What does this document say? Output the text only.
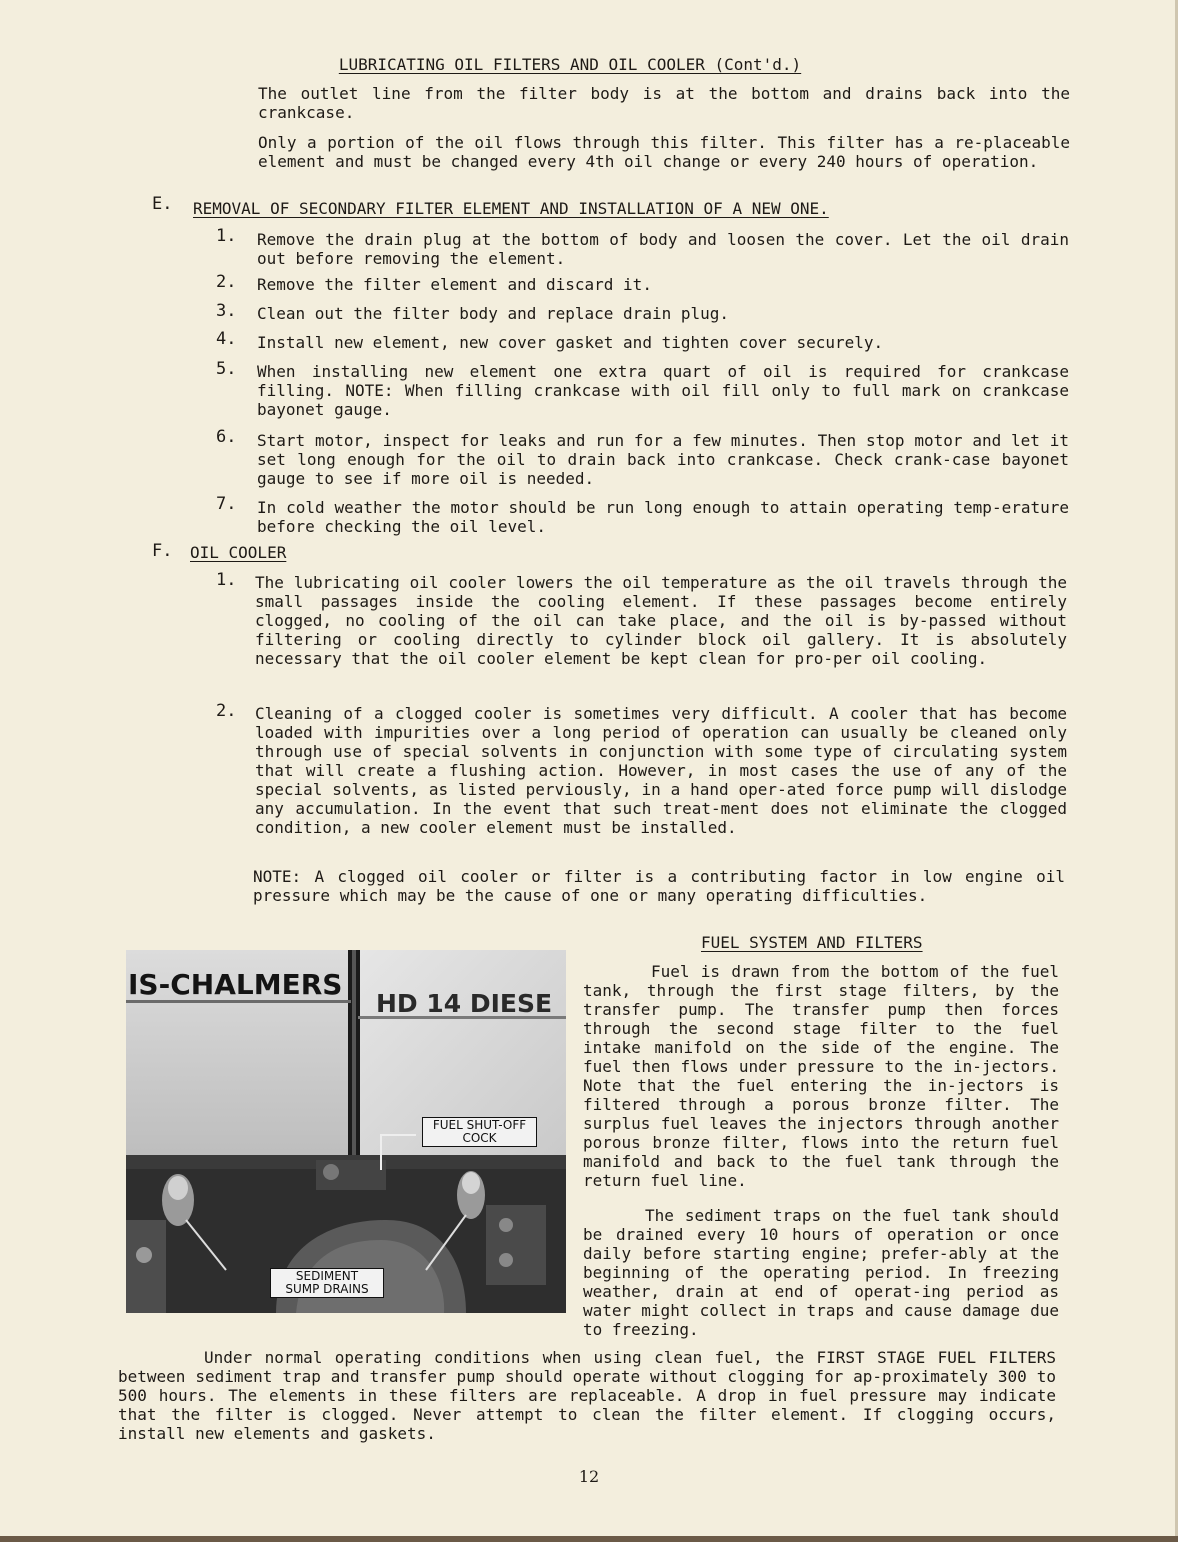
LUBRICATING OIL FILTERS AND OIL COOLER (Cont'd.)
The outlet line from the filter body is at the bottom and drains back into the crankcase.
Only a portion of the oil flows through this filter. This filter has a re-placeable element and must be changed every 4th oil change or every 240 hours of operation.
E. REMOVAL OF SECONDARY FILTER ELEMENT AND INSTALLATION OF A NEW ONE.
1. Remove the drain plug at the bottom of body and loosen the cover. Let the oil drain out before removing the element.
2. Remove the filter element and discard it.
3. Clean out the filter body and replace drain plug.
4. Install new element, new cover gasket and tighten cover securely.
5. When installing new element one extra quart of oil is required for crankcase filling. NOTE: When filling crankcase with oil fill only to full mark on crankcase bayonet gauge.
6. Start motor, inspect for leaks and run for a few minutes. Then stop motor and let it set long enough for the oil to drain back into crankcase. Check crank-case bayonet gauge to see if more oil is needed.
7. In cold weather the motor should be run long enough to attain operating temp-erature before checking the oil level.
F. OIL COOLER
1. The lubricating oil cooler lowers the oil temperature as the oil travels through the small passages inside the cooling element. If these passages become entirely clogged, no cooling of the oil can take place, and the oil is by-passed without filtering or cooling directly to cylinder block oil gallery. It is absolutely necessary that the oil cooler element be kept clean for pro-per oil cooling.
2. Cleaning of a clogged cooler is sometimes very difficult. A cooler that has become loaded with impurities over a long period of operation can usually be cleaned only through use of special solvents in conjunction with some type of circulating system that will create a flushing action. However, in most cases the use of any of the special solvents, as listed perviously, in a hand oper-ated force pump will dislodge any accumulation. In the event that such treat-ment does not eliminate the clogged condition, a new cooler element must be installed.
NOTE: A clogged oil cooler or filter is a contributing factor in low engine oil pressure which may be the cause of one or many operating difficulties.
IS-CHALMERS
HD 14 DIESE
FUEL SHUT-OFF
COCK
SEDIMENT
SUMP DRAINS
FUEL SYSTEM AND FILTERS
Fuel is drawn from the bottom of the fuel tank, through the first stage filters, by the transfer pump. The transfer pump then forces through the second stage filter to the fuel intake manifold on the side of the engine. The fuel then flows under pressure to the in-jectors. Note that the fuel entering the in-jectors is filtered through a porous bronze filter. The surplus fuel leaves the injectors through another porous bronze filter, flows into the return fuel manifold and back to the fuel tank through the return fuel line.
The sediment traps on the fuel tank should be drained every 10 hours of operation or once daily before starting engine; prefer-ably at the beginning of the operating period. In freezing weather, drain at end of operat-ing period as water might collect in traps and cause damage due to freezing.
Under normal operating conditions when using clean fuel, the FIRST STAGE FUEL FILTERS between sediment trap and transfer pump should operate without clogging for ap-proximately 300 to 500 hours. The elements in these filters are replaceable. A drop in fuel pressure may indicate that the filter is clogged. Never attempt to clean the filter element. If clogging occurs, install new elements and gaskets.
12
